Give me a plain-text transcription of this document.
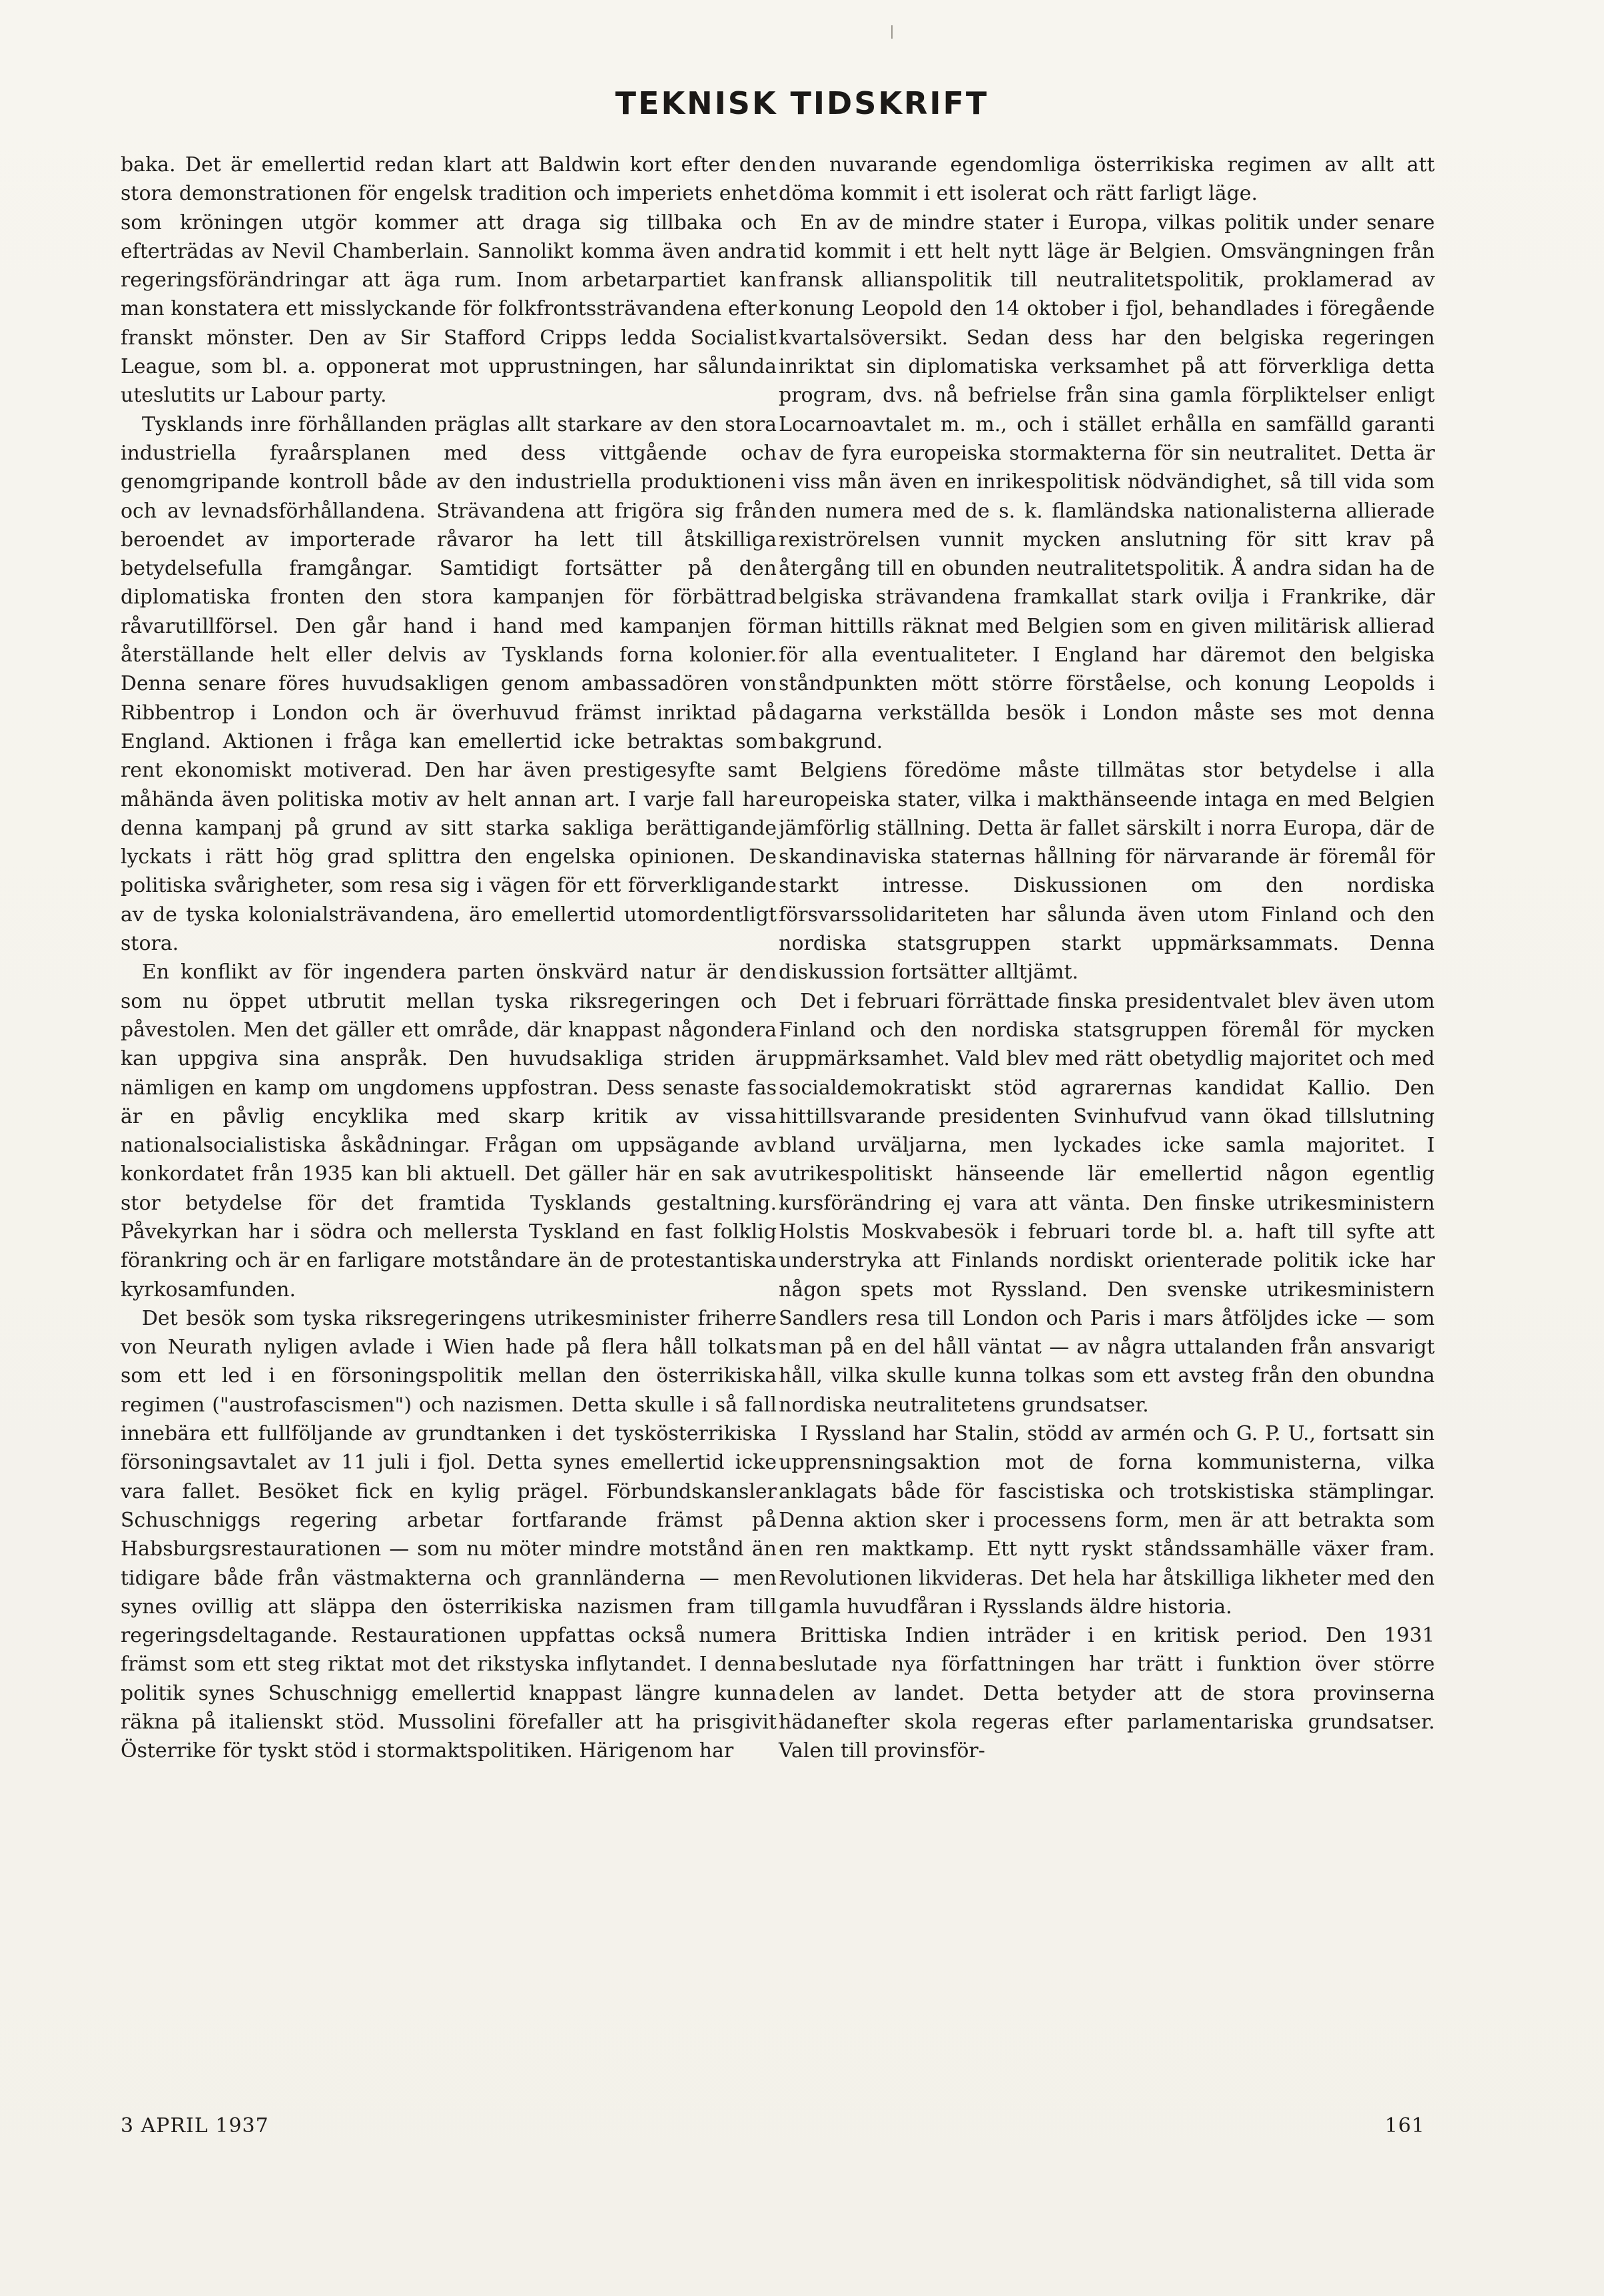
TEKNISK TIDSKRIFT

baka. Det är emellertid redan klart att Baldwin kort efter den stora demonstrationen för engelsk tradition och imperiets enhet som kröningen utgör kommer att draga sig tillbaka och efterträdas av Nevil Chamberlain. Sannolikt komma även andra regeringsförändringar att äga rum. Inom arbetarpartiet kan man konstatera ett misslyckande för folkfrontssträvandena efter franskt mönster. Den av Sir Stafford Cripps ledda Socialist League, som bl. a. opponerat mot upprustningen, har sålunda uteslutits ur Labour party.

Tysklands inre förhållanden präglas allt starkare av den stora industriella fyraårsplanen med dess vittgående och genomgripande kontroll både av den industriella produktionen och av levnadsförhållandena. Strävandena att frigöra sig från beroendet av importerade råvaror ha lett till åtskilliga betydelsefulla framgångar. Samtidigt fortsätter på den diplomatiska fronten den stora kampanjen för förbättrad råvarutillförsel. Den går hand i hand med kampanjen för återställande helt eller delvis av Tysklands forna kolonier. Denna senare föres huvudsakligen genom ambassadören von Ribbentrop i London och är överhuvud främst inriktad på England. Aktionen i fråga kan emellertid icke betraktas som rent ekonomiskt motiverad. Den har även prestigesyfte samt måhända även politiska motiv av helt annan art. I varje fall har denna kampanj på grund av sitt starka sakliga berättigande lyckats i rätt hög grad splittra den engelska opinionen. De politiska svårigheter, som resa sig i vägen för ett förverkligande av de tyska kolonialsträvandena, äro emellertid utomordentligt stora.

En konflikt av för ingendera parten önskvärd natur är den som nu öppet utbrutit mellan tyska riksregeringen och påvestolen. Men det gäller ett område, där knappast någondera kan uppgiva sina anspråk. Den huvudsakliga striden är nämligen en kamp om ungdomens uppfostran. Dess senaste fas är en påvlig encyklika med skarp kritik av vissa nationalsocialistiska åskådningar. Frågan om uppsägande av konkordatet från 1935 kan bli aktuell. Det gäller här en sak av stor betydelse för det framtida Tysklands gestaltning. Påvekyrkan har i södra och mellersta Tyskland en fast folklig förankring och är en farligare motståndare än de protestantiska kyrkosamfunden.

Det besök som tyska riksregeringens utrikesminister friherre von Neurath nyligen avlade i Wien hade på flera håll tolkats som ett led i en försoningspolitik mellan den österrikiska regimen ("austrofascismen") och nazismen. Detta skulle i så fall innebära ett fullföljande av grundtanken i det tyskösterrikiska försoningsavtalet av 11 juli i fjol. Detta synes emellertid icke vara fallet. Besöket fick en kylig prägel. Förbundskansler Schuschniggs regering arbetar fortfarande främst på Habsburgsrestaurationen — som nu möter mindre motstånd än tidigare både från västmakterna och grannländerna — men synes ovillig att släppa den österrikiska nazismen fram till regeringsdeltagande. Restaurationen uppfattas också numera främst som ett steg riktat mot det rikstyska inflytandet. I denna politik synes Schuschnigg emellertid knappast längre kunna räkna på italienskt stöd. Mussolini förefaller att ha prisgivit Österrike för tyskt stöd i stormaktspolitiken. Härigenom har

den nuvarande egendomliga österrikiska regimen av allt att döma kommit i ett isolerat och rätt farligt läge.

En av de mindre stater i Europa, vilkas politik under senare tid kommit i ett helt nytt läge är Belgien. Omsvängningen från fransk allianspolitik till neutralitetspolitik, proklamerad av konung Leopold den 14 oktober i fjol, behandlades i föregående kvartalsöversikt. Sedan dess har den belgiska regeringen inriktat sin diplomatiska verksamhet på att förverkliga detta program, dvs. nå befrielse från sina gamla förpliktelser enligt Locarnoavtalet m. m., och i stället erhålla en samfälld garanti av de fyra europeiska stormakterna för sin neutralitet. Detta är i viss mån även en inrikespolitisk nödvändighet, så till vida som den numera med de s. k. flamländska nationalisterna allierade rexiströrelsen vunnit mycken anslutning för sitt krav på återgång till en obunden neutralitetspolitik. Å andra sidan ha de belgiska strävandena framkallat stark ovilja i Frankrike, där man hittills räknat med Belgien som en given militärisk allierad för alla eventualiteter. I England har däremot den belgiska ståndpunkten mött större förståelse, och konung Leopolds i dagarna verkställda besök i London måste ses mot denna bakgrund.

Belgiens föredöme måste tillmätas stor betydelse i alla europeiska stater, vilka i makthänseende intaga en med Belgien jämförlig ställning. Detta är fallet särskilt i norra Europa, där de skandinaviska staternas hållning för närvarande är föremål för starkt intresse. Diskussionen om den nordiska försvarssolidariteten har sålunda även utom Finland och den nordiska statsgruppen starkt uppmärksammats. Denna diskussion fortsätter alltjämt.

Det i februari förrättade finska presidentvalet blev även utom Finland och den nordiska statsgruppen föremål för mycken uppmärksamhet. Vald blev med rätt obetydlig majoritet och med socialdemokratiskt stöd agrarernas kandidat Kallio. Den hittillsvarande presidenten Svinhufvud vann ökad tillslutning bland urväljarna, men lyckades icke samla majoritet. I utrikespolitiskt hänseende lär emellertid någon egentlig kursförändring ej vara att vänta. Den finske utrikesministern Holstis Moskvabesök i februari torde bl. a. haft till syfte att understryka att Finlands nordiskt orienterade politik icke har någon spets mot Ryssland. Den svenske utrikesministern Sandlers resa till London och Paris i mars åtföljdes icke — som man på en del håll väntat — av några uttalanden från ansvarigt håll, vilka skulle kunna tolkas som ett avsteg från den obundna nordiska neutralitetens grundsatser.

I Ryssland har Stalin, stödd av armén och G. P. U., fortsatt sin upprensningsaktion mot de forna kommunisterna, vilka anklagats både för fascistiska och trotskistiska stämplingar. Denna aktion sker i processens form, men är att betrakta som en ren maktkamp. Ett nytt ryskt ståndssamhälle växer fram. Revolutionen likvideras. Det hela har åtskilliga likheter med den gamla huvudfåran i Rysslands äldre historia.

Brittiska Indien inträder i en kritisk period. Den 1931 beslutade nya författningen har trätt i funktion över större delen av landet. Detta betyder att de stora provinserna hädanefter skola regeras efter parlamentariska grundsatser. Valen till provinsför-

3 APRIL 1937	161
